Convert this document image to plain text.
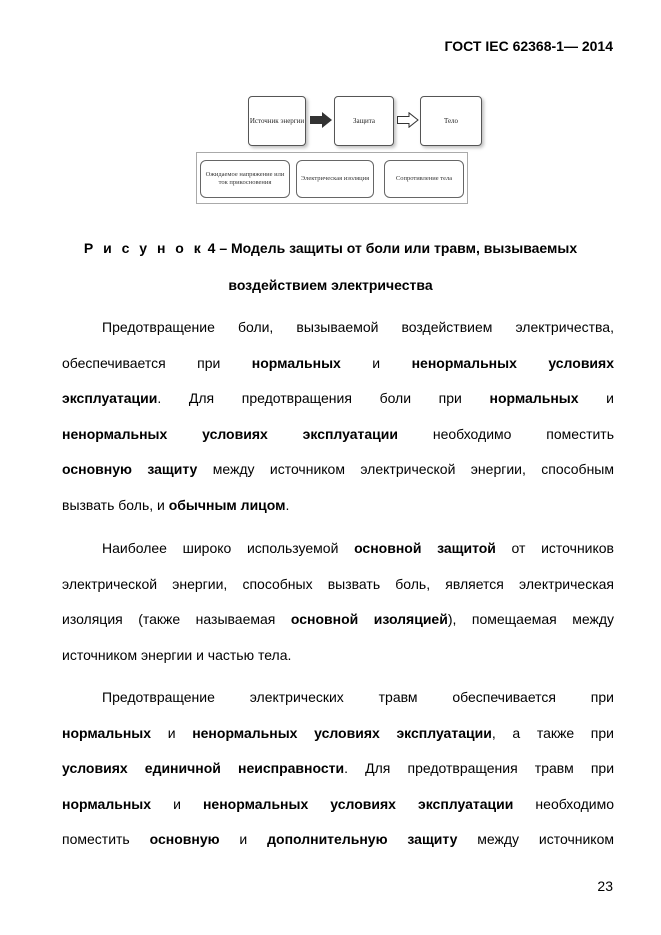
ГОСТ IEC 62368-1— 2014
Источник энергии	Защита	Тело
Ожидаемое напряжение или ток прикосновения
Электрическая изоляция	Сопротивление тела
Р и с у н о к 4 – Модель защиты от боли или травм, вызываемых
воздействием электричества
Предотвращение боли, вызываемой воздействием электричества,
обеспечивается при нормальных и ненормальных условиях
эксплуатации. Для предотвращения боли при нормальных и
ненормальных условиях эксплуатации необходимо поместить
основную защиту между источником электрической энергии, способным
вызвать боль, и обычным лицом.
Наиболее широко используемой основной защитой от источников
электрической энергии, способных вызвать боль, является электрическая
изоляция (также называемая основной изоляцией), помещаемая между
источником энергии и частью тела.
Предотвращение электрических травм обеспечивается при
нормальных и ненормальных условиях эксплуатации, а также при
условиях единичной неисправности. Для предотвращения травм при
нормальных и ненормальных условиях эксплуатации необходимо
поместить основную и дополнительную защиту между источником
23
